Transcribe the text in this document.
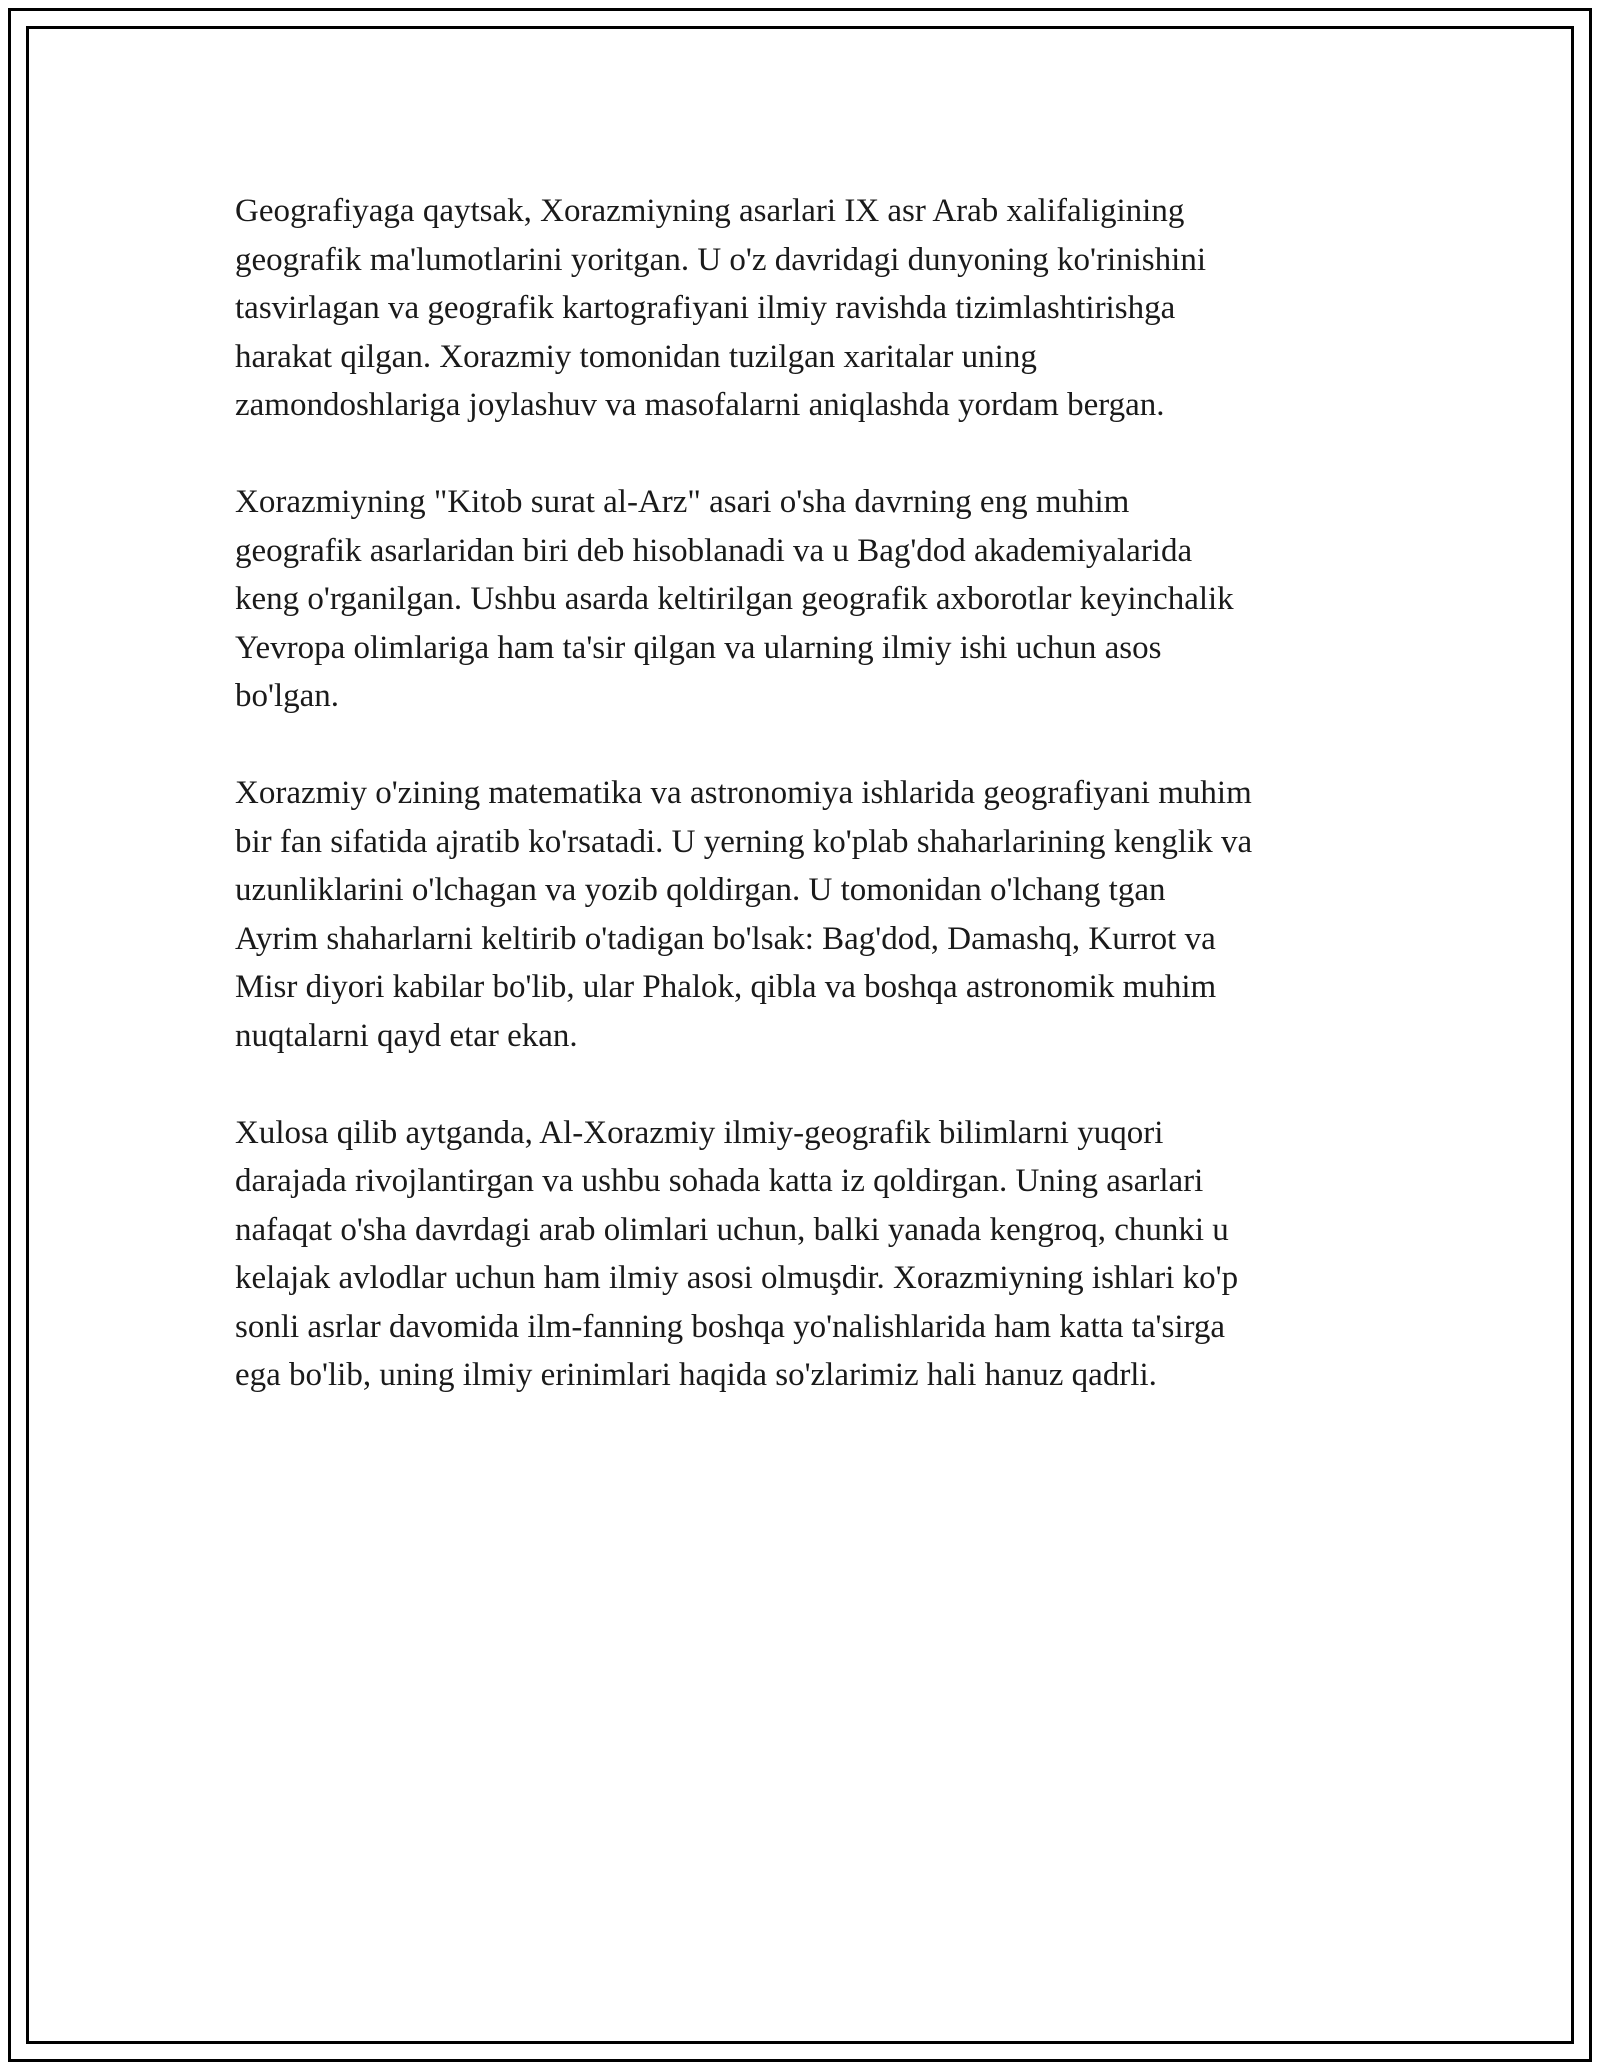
Geografiyaga qaytsak, Xorazmiyning asarlari IX asr Arab xalifaligining
geografik ma'lumotlarini yoritgan. U o'z davridagi dunyoning ko'rinishini
tasvirlagan va geografik kartografiyani ilmiy ravishda tizimlashtirishga
harakat qilgan. Xorazmiy tomonidan tuzilgan xaritalar uning
zamondoshlariga joylashuv va masofalarni aniqlashda yordam bergan.

Xorazmiyning "Kitob surat al-Arz" asari o'sha davrning eng muhim
geografik asarlaridan biri deb hisoblanadi va u Bag'dod akademiyalarida
keng o'rganilgan. Ushbu asarda keltirilgan geografik axborotlar keyinchalik
Yevropa olimlariga ham ta'sir qilgan va ularning ilmiy ishi uchun asos
bo'lgan.

Xorazmiy o'zining matematika va astronomiya ishlarida geografiyani muhim
bir fan sifatida ajratib ko'rsatadi. U yerning ko'plab shaharlarining kenglik va
uzunliklarini o'lchagan va yozib qoldirgan. U tomonidan o'lchang tgan
Ayrim shaharlarni keltirib o'tadigan bo'lsak: Bag'dod, Damashq, Kurrot va
Misr diyori kabilar bo'lib, ular Phalok, qibla va boshqa astronomik muhim
nuqtalarni qayd etar ekan.

Xulosa qilib aytganda, Al-Xorazmiy ilmiy-geografik bilimlarni yuqori
darajada rivojlantirgan va ushbu sohada katta iz qoldirgan. Uning asarlari
nafaqat o'sha davrdagi arab olimlari uchun, balki yanada kengroq, chunki u
kelajak avlodlar uchun ham ilmiy asosi olmuşdir. Xorazmiyning ishlari ko'p
sonli asrlar davomida ilm-fanning boshqa yo'nalishlarida ham katta ta'sirga
ega bo'lib, uning ilmiy erinimlari haqida so'zlarimiz hali hanuz qadrli.
